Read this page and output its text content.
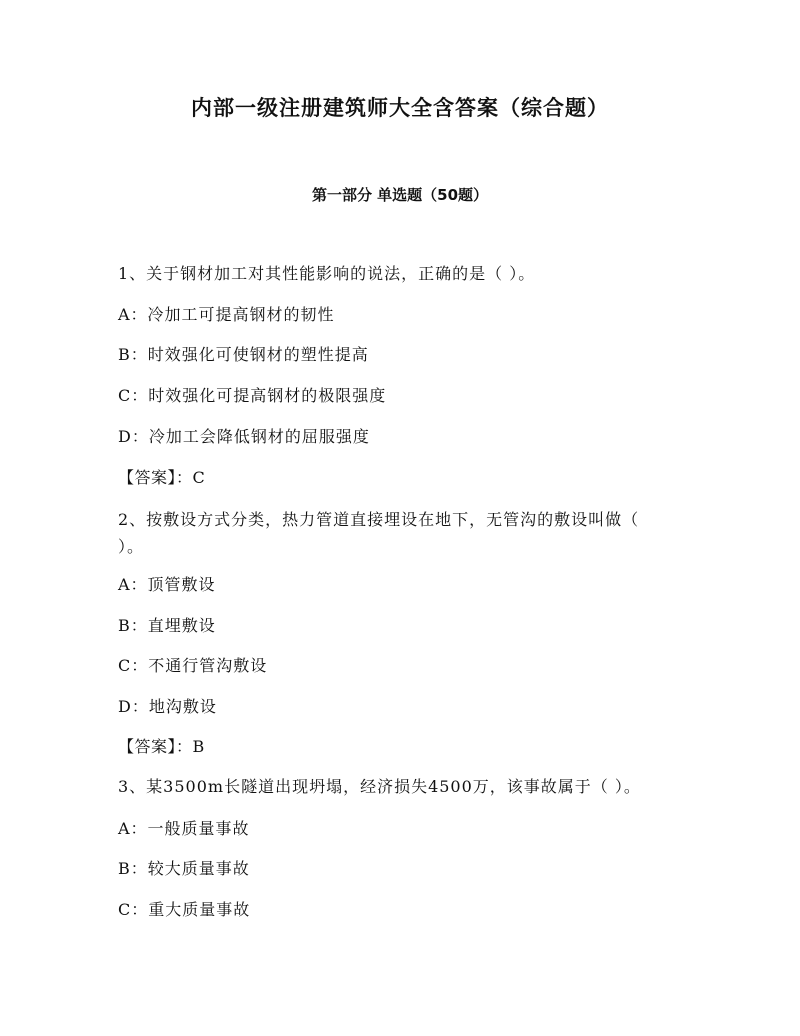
内部一级注册建筑师大全含答案（综合题）
第一部分 单选题（50题）
1、关于钢材加工对其性能影响的说法，正确的是（ ）。
A：冷加工可提高钢材的韧性
B：时效强化可使钢材的塑性提高
C：时效强化可提高钢材的极限强度
D：冷加工会降低钢材的屈服强度
【答案】：C
2、按敷设方式分类，热力管道直接埋设在地下，无管沟的敷设叫做（
）。
A：顶管敷设
B：直埋敷设
C：不通行管沟敷设
D：地沟敷设
【答案】：B
3、某3500m长隧道出现坍塌，经济损失4500万，该事故属于（ ）。
A：一般质量事故
B：较大质量事故
C：重大质量事故
